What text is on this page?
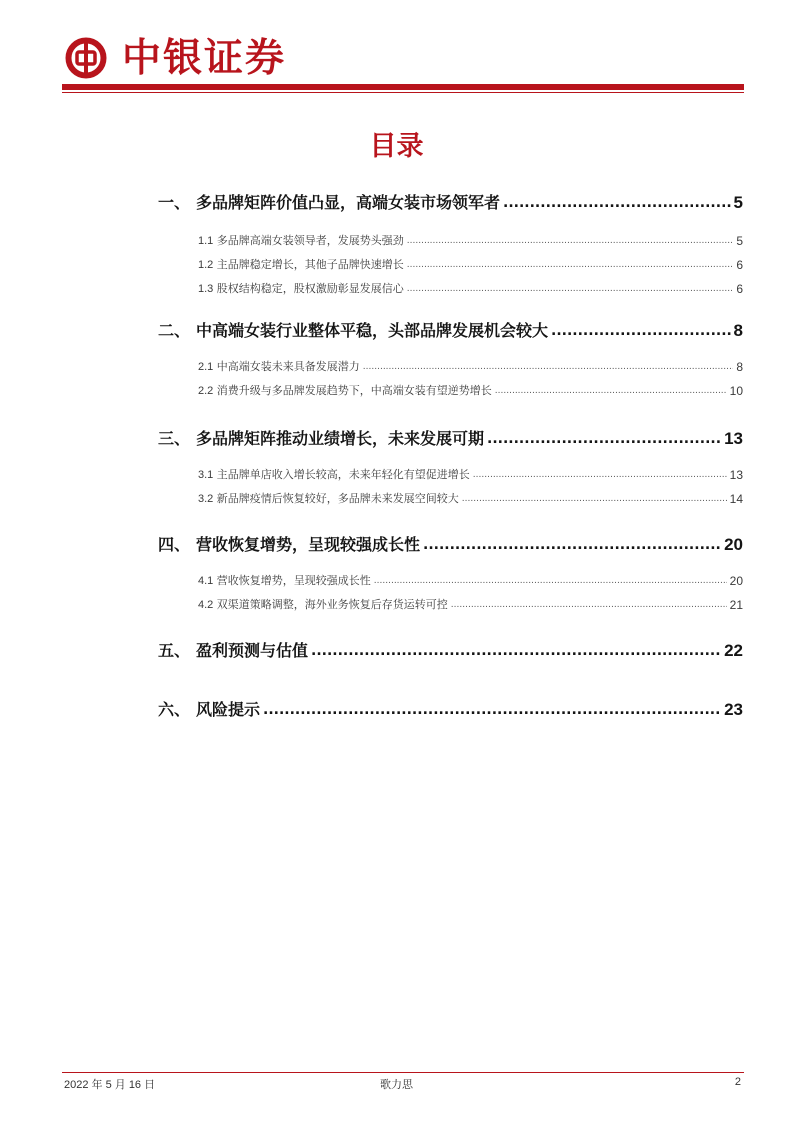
中银证券
目录
一、 多品牌矩阵价值凸显，高端女装市场领军者 .....	5
1.1 多品牌高端女装领导者，发展势头强劲 .....	5
1.2 主品牌稳定增长，其他子品牌快速增长 .....	6
1.3 股权结构稳定，股权激励彰显发展信心 .....	6
二、 中高端女装行业整体平稳，头部品牌发展机会较大 .....	8
2.1 中高端女装未来具备发展潜力 .....	8
2.2 消费升级与多品牌发展趋势下，中高端女装有望逆势增长 .....	10
三、 多品牌矩阵推动业绩增长，未来发展可期 .....	13
3.1 主品牌单店收入增长较高，未来年轻化有望促进增长 .....	13
3.2 新品牌疫情后恢复较好，多品牌未来发展空间较大 .....	14
四、 营收恢复增势，呈现较强成长性 .....	20
4.1 营收恢复增势，呈现较强成长性 .....	20
4.2 双渠道策略调整，海外业务恢复后存货运转可控 .....	21
五、 盈利预测与估值 .....	22
六、 风险提示 .....	23
2022 年 5 月 16 日	歌力思	2
